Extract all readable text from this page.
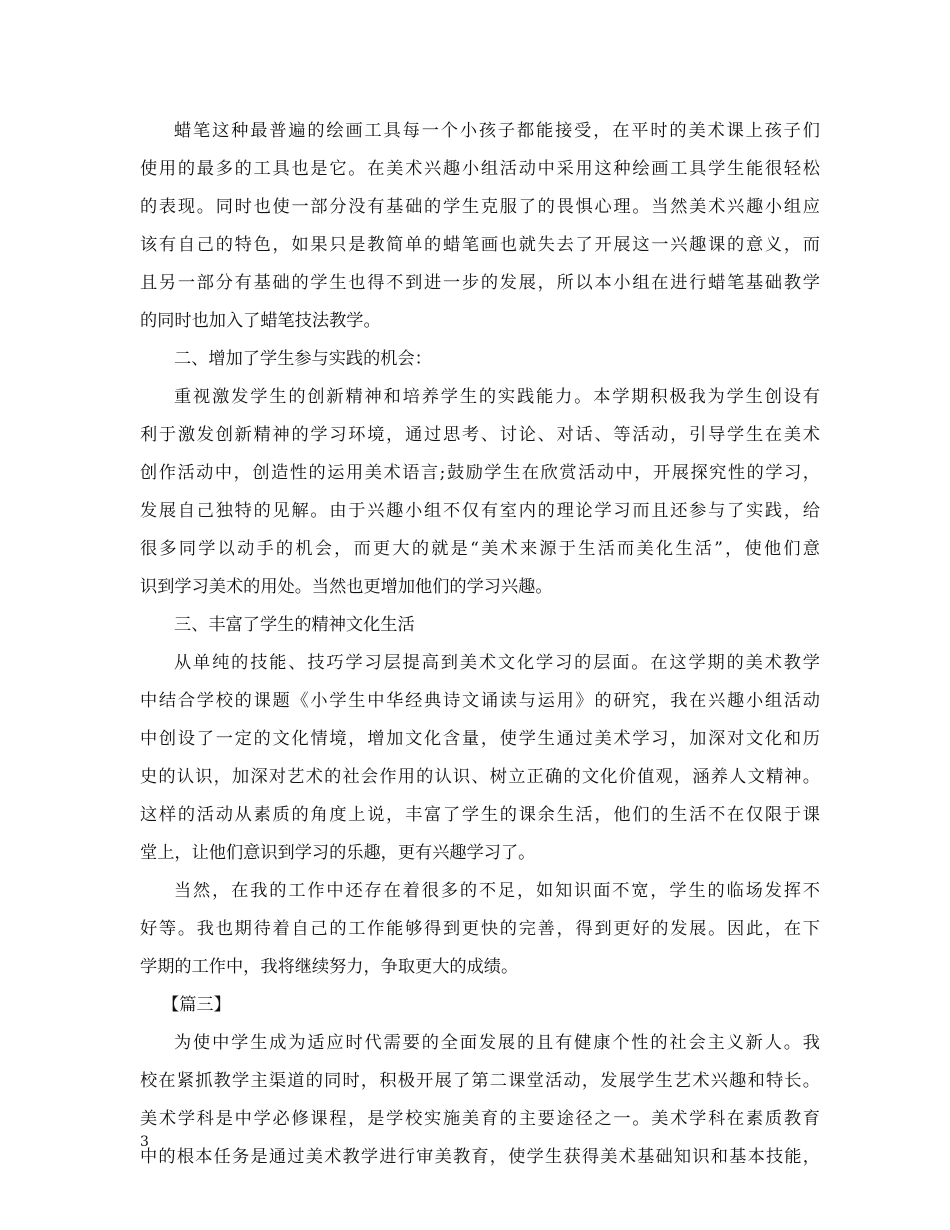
蜡笔这种最普遍的绘画工具每一个小孩子都能接受，在平时的美术课上孩子们
使用的最多的工具也是它。在美术兴趣小组活动中采用这种绘画工具学生能很轻松
的表现。同时也使一部分没有基础的学生克服了的畏惧心理。当然美术兴趣小组应
该有自己的特色，如果只是教简单的蜡笔画也就失去了开展这一兴趣课的意义，而
且另一部分有基础的学生也得不到进一步的发展，所以本小组在进行蜡笔基础教学
的同时也加入了蜡笔技法教学。
二、增加了学生参与实践的机会：
重视激发学生的创新精神和培养学生的实践能力。本学期积极我为学生创设有
利于激发创新精神的学习环境，通过思考、讨论、对话、等活动，引导学生在美术
创作活动中，创造性的运用美术语言;鼓励学生在欣赏活动中，开展探究性的学习，
发展自己独特的见解。由于兴趣小组不仅有室内的理论学习而且还参与了实践，给
很多同学以动手的机会，而更大的就是“美术来源于生活而美化生活”，使他们意
识到学习美术的用处。当然也更增加他们的学习兴趣。
三、丰富了学生的精神文化生活
从单纯的技能、技巧学习层提高到美术文化学习的层面。在这学期的美术教学
中结合学校的课题《小学生中华经典诗文诵读与运用》的研究，我在兴趣小组活动
中创设了一定的文化情境，增加文化含量，使学生通过美术学习，加深对文化和历
史的认识，加深对艺术的社会作用的认识、树立正确的文化价值观，涵养人文精神。
这样的活动从素质的角度上说，丰富了学生的课余生活，他们的生活不在仅限于课
堂上，让他们意识到学习的乐趣，更有兴趣学习了。
当然，在我的工作中还存在着很多的不足，如知识面不宽，学生的临场发挥不
好等。我也期待着自己的工作能够得到更快的完善，得到更好的发展。因此，在下
学期的工作中，我将继续努力，争取更大的成绩。
【篇三】
为使中学生成为适应时代需要的全面发展的且有健康个性的社会主义新人。我
校在紧抓教学主渠道的同时，积极开展了第二课堂活动，发展学生艺术兴趣和特长。
美术学科是中学必修课程，是学校实施美育的主要途径之一。美术学科在素质教育
中的根本任务是通过美术教学进行审美教育，使学生获得美术基础知识和基本技能，
3
